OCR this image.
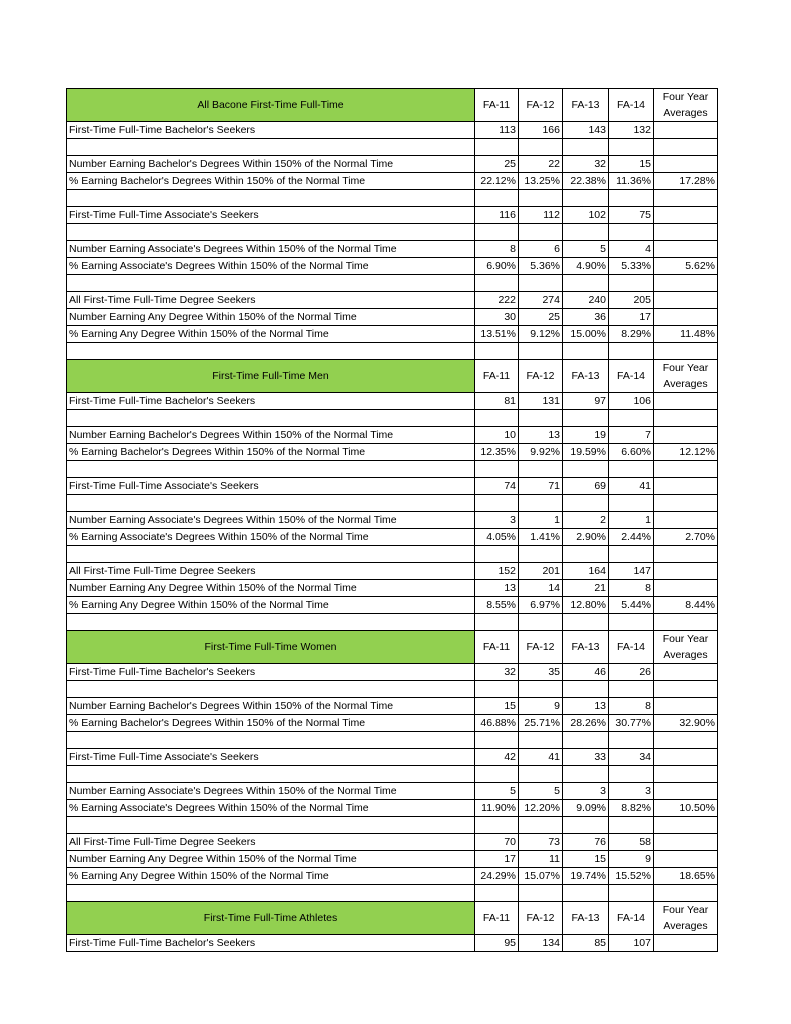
All Bacone First-Time Full-Time	FA-11	FA-12	FA-13	FA-14	Four Year Averages
First-Time Full-Time Bachelor's Seekers	113	166	143	132	

Number Earning Bachelor's Degrees Within 150% of the Normal Time	25	22	32	15	
% Earning Bachelor's Degrees Within 150% of the Normal Time	22.12%	13.25%	22.38%	11.36%	17.28%

First-Time Full-Time Associate's Seekers	116	112	102	75	

Number Earning Associate's Degrees Within 150% of the Normal Time	8	6	5	4	
% Earning Associate's Degrees Within 150% of the Normal Time	6.90%	5.36%	4.90%	5.33%	5.62%

All First-Time Full-Time Degree Seekers	222	274	240	205	
Number Earning Any Degree Within 150% of the Normal Time	30	25	36	17	
% Earning Any Degree Within 150% of the Normal Time	13.51%	9.12%	15.00%	8.29%	11.48%

First-Time Full-Time Men	FA-11	FA-12	FA-13	FA-14	Four Year Averages
First-Time Full-Time Bachelor's Seekers	81	131	97	106	

Number Earning Bachelor's Degrees Within 150% of the Normal Time	10	13	19	7	
% Earning Bachelor's Degrees Within 150% of the Normal Time	12.35%	9.92%	19.59%	6.60%	12.12%

First-Time Full-Time Associate's Seekers	74	71	69	41	

Number Earning Associate's Degrees Within 150% of the Normal Time	3	1	2	1	
% Earning Associate's Degrees Within 150% of the Normal Time	4.05%	1.41%	2.90%	2.44%	2.70%

All First-Time Full-Time Degree Seekers	152	201	164	147	
Number Earning Any Degree Within 150% of the Normal Time	13	14	21	8	
% Earning Any Degree Within 150% of the Normal Time	8.55%	6.97%	12.80%	5.44%	8.44%

First-Time Full-Time Women	FA-11	FA-12	FA-13	FA-14	Four Year Averages
First-Time Full-Time Bachelor's Seekers	32	35	46	26	

Number Earning Bachelor's Degrees Within 150% of the Normal Time	15	9	13	8	
% Earning Bachelor's Degrees Within 150% of the Normal Time	46.88%	25.71%	28.26%	30.77%	32.90%

First-Time Full-Time Associate's Seekers	42	41	33	34	

Number Earning Associate's Degrees Within 150% of the Normal Time	5	5	3	3	
% Earning Associate's Degrees Within 150% of the Normal Time	11.90%	12.20%	9.09%	8.82%	10.50%

All First-Time Full-Time Degree Seekers	70	73	76	58	
Number Earning Any Degree Within 150% of the Normal Time	17	11	15	9	
% Earning Any Degree Within 150% of the Normal Time	24.29%	15.07%	19.74%	15.52%	18.65%

First-Time Full-Time Athletes	FA-11	FA-12	FA-13	FA-14	Four Year Averages
First-Time Full-Time Bachelor's Seekers	95	134	85	107	
